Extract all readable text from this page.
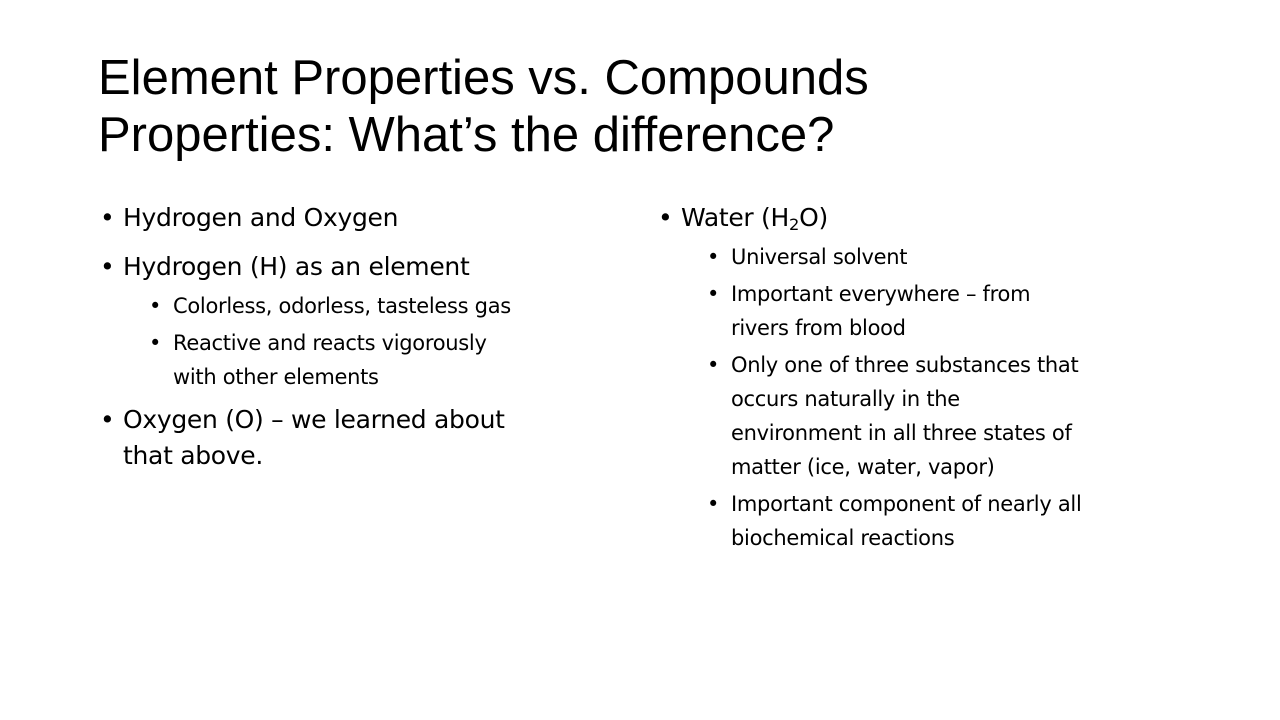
Element Properties vs. Compounds
Properties: What’s the difference?
• Hydrogen and Oxygen
• Hydrogen (H) as an element
• Colorless, odorless, tasteless gas
• Reactive and reacts vigorously
with other elements
• Oxygen (O) – we learned about
that above.
• Water $(H_2O)$
• Universal solvent
• Important everywhere – from
rivers from blood
• Only one of three substances that
occurs naturally in the
environment in all three states of
matter (ice, water, vapor)
• Important component of nearly all
biochemical reactions
